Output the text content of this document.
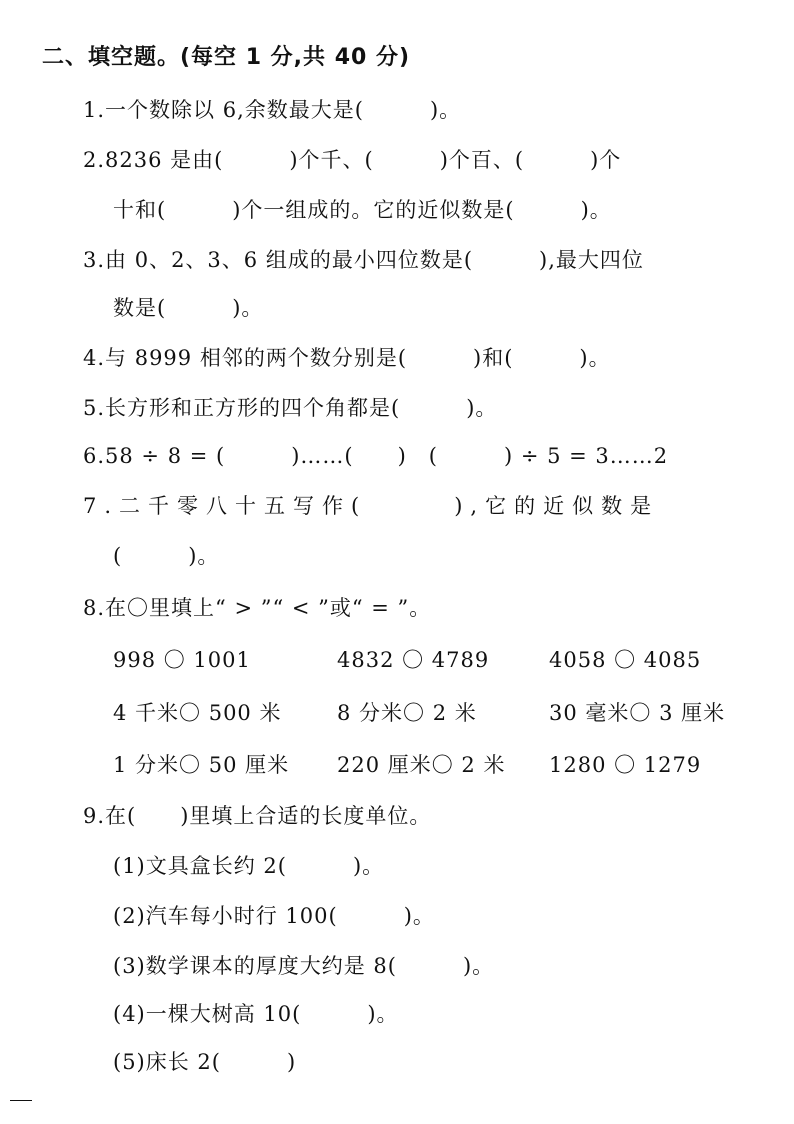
二、填空题。(每空 1 分,共 40 分)
1.一个数除以 6,余数最大是(　　　)。
2.8236 是由(　　　)个千、(　　　)个百、(　　　)个
十和(　　　)个一组成的。它的近似数是(　　　)。
3.由 0、2、3、6 组成的最小四位数是(　　　),最大四位
数是(　　　)。
4.与 8999 相邻的两个数分别是(　　　)和(　　　)。
5.长方形和正方形的四个角都是(　　　)。
6.58 ÷ 8 = (　　　)……(　　)　(　　　) ÷ 5 = 3……2
7.二千零八十五写作(　　　),它的近似数是
(　　　)。
8.在〇里填上“ > ”“ < ”或“ = ”。
998 〇 1001	4832 〇 4789	4058 〇 4085
4 千米〇 500 米	8 分米〇 2 米	30 毫米〇 3 厘米
1 分米〇 50 厘米 220 厘米〇 2 米 1280 〇 1279
9.在(　　)里填上合适的长度单位。
(1)文具盒长约 2(　　　)。
(2)汽车每小时行 100(　　　)。
(3)数学课本的厚度大约是 8(　　　)。
(4)一棵大树高 10(　　　)。
(5)床长 2(　　　)
